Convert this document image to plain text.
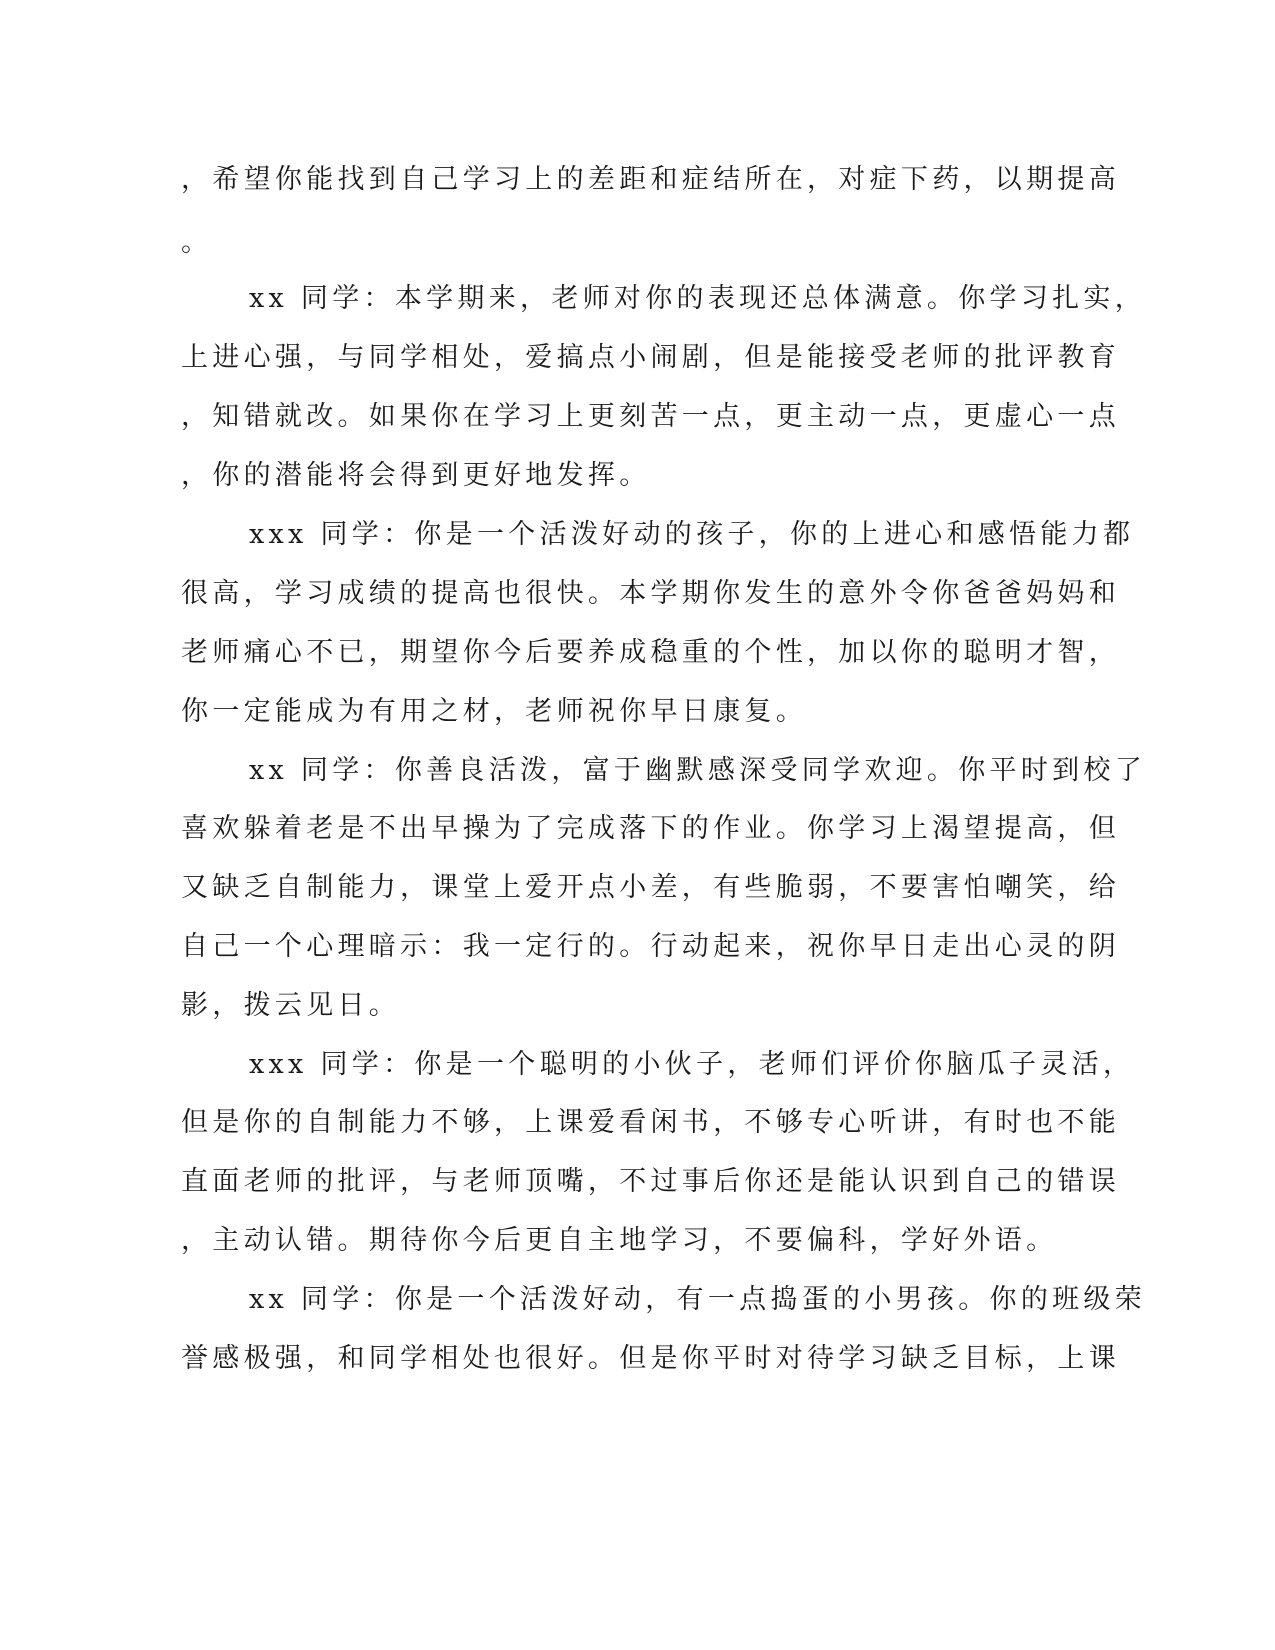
，希望你能找到自己学习上的差距和症结所在，对症下药，以期提高
。
xx 同学：本学期来，老师对你的表现还总体满意。你学习扎实，
上进心强，与同学相处，爱搞点小闹剧，但是能接受老师的批评教育
，知错就改。如果你在学习上更刻苦一点，更主动一点，更虚心一点
，你的潜能将会得到更好地发挥。
xxx 同学：你是一个活泼好动的孩子，你的上进心和感悟能力都
很高，学习成绩的提高也很快。本学期你发生的意外令你爸爸妈妈和
老师痛心不已，期望你今后要养成稳重的个性，加以你的聪明才智，
你一定能成为有用之材，老师祝你早日康复。
xx 同学：你善良活泼，富于幽默感深受同学欢迎。你平时到校了
喜欢躲着老是不出早操为了完成落下的作业。你学习上渴望提高，但
又缺乏自制能力，课堂上爱开点小差，有些脆弱，不要害怕嘲笑，给
自己一个心理暗示：我一定行的。行动起来，祝你早日走出心灵的阴
影，拨云见日。
xxx 同学：你是一个聪明的小伙子，老师们评价你脑瓜子灵活，
但是你的自制能力不够，上课爱看闲书，不够专心听讲，有时也不能
直面老师的批评，与老师顶嘴，不过事后你还是能认识到自己的错误
，主动认错。期待你今后更自主地学习，不要偏科，学好外语。
xx 同学：你是一个活泼好动，有一点捣蛋的小男孩。你的班级荣
誉感极强，和同学相处也很好。但是你平时对待学习缺乏目标，上课
